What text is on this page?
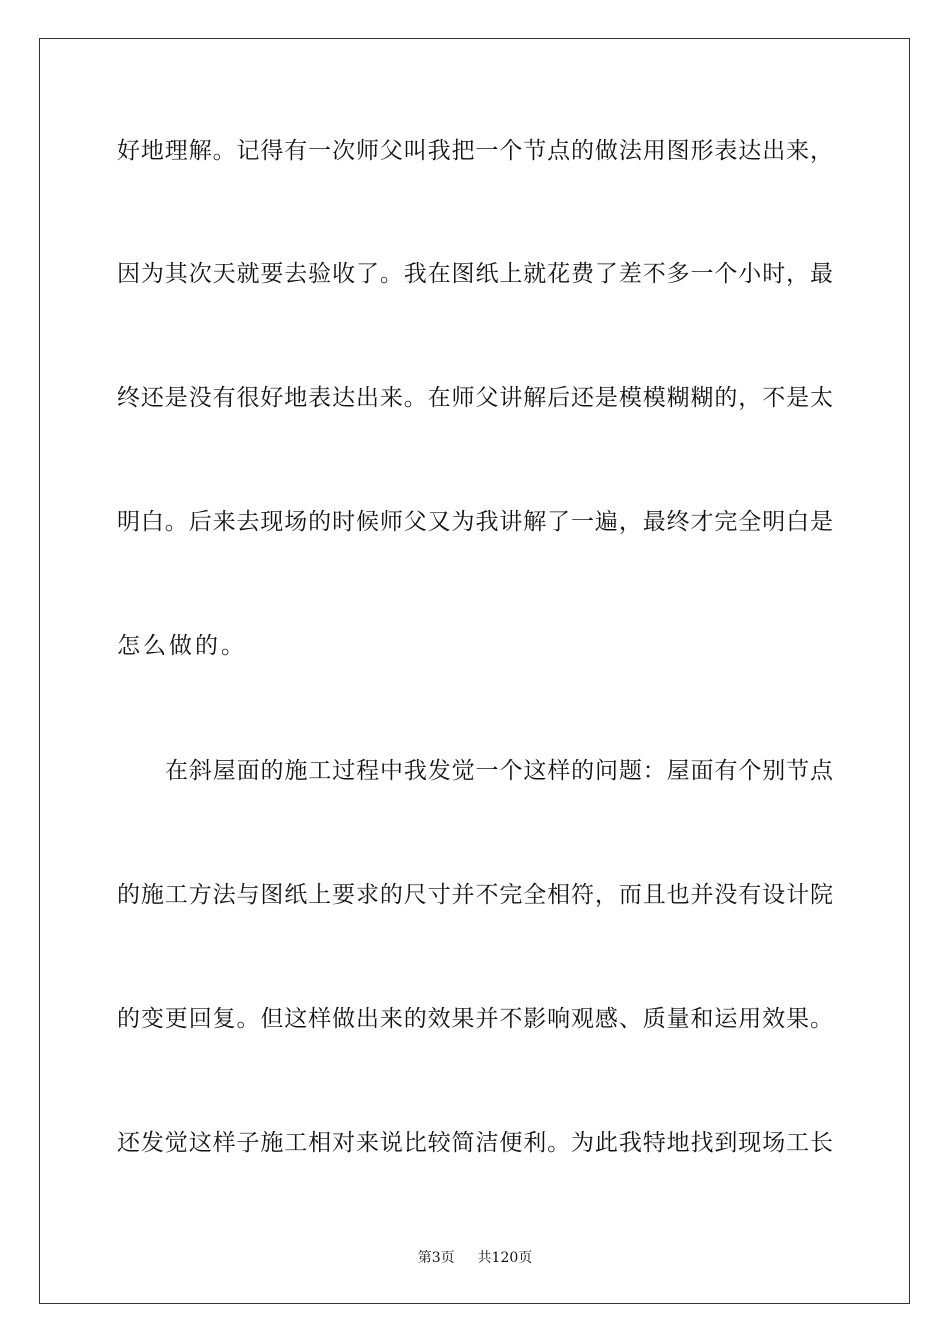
好地理解。记得有一次师父叫我把一个节点的做法用图形表达出来，
因为其次天就要去验收了。我在图纸上就花费了差不多一个小时，最
终还是没有很好地表达出来。在师父讲解后还是模模糊糊的，不是太
明白。后来去现场的时候师父又为我讲解了一遍，最终才完全明白是
怎么做的。
在斜屋面的施工过程中我发觉一个这样的问题：屋面有个别节点
的施工方法与图纸上要求的尺寸并不完全相符，而且也并没有设计院
的变更回复。但这样做出来的效果并不影响观感、质量和运用效果。
还发觉这样子施工相对来说比较简洁便利。为此我特地找到现场工长
第3页 共120页
